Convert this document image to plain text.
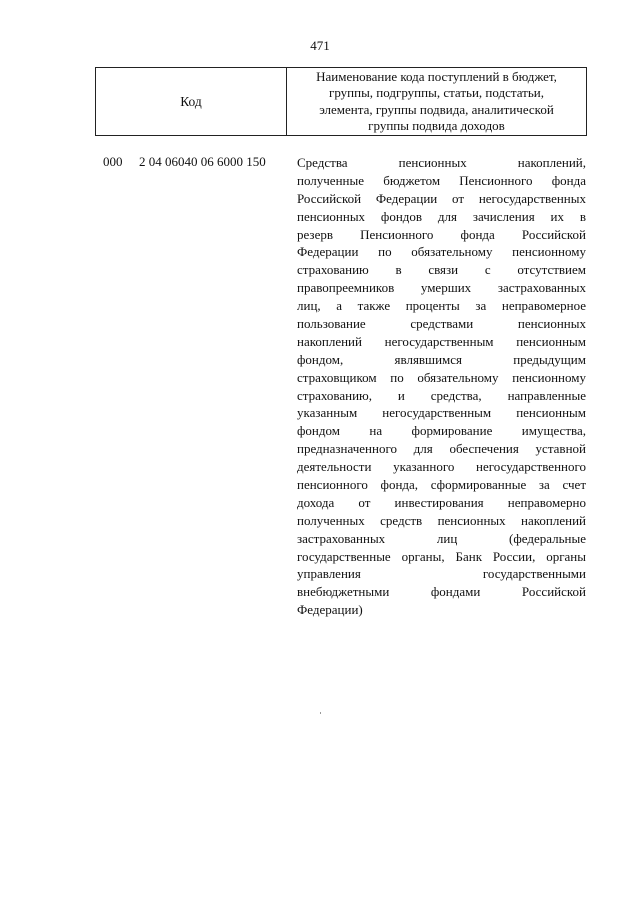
471
Код
Наименование кода поступлений в бюджет,
группы, подгруппы, статьи, подстатьи,
элемента, группы подвида, аналитической
группы подвида доходов
000 2 04 06040 06 6000 150 Средства пенсионных накоплений,
полученные бюджетом Пенсионного фонда
Российской Федерации от негосударственных
пенсионных фондов для зачисления их в
резерв Пенсионного фонда Российской
Федерации по обязательному пенсионному
страхованию в связи с отсутствием
правопреемников умерших застрахованных
лиц, а также проценты за неправомерное
пользование средствами пенсионных
накоплений негосударственным пенсионным
фондом, являвшимся предыдущим
страховщиком по обязательному пенсионному
страхованию, и средства, направленные
указанным негосударственным пенсионным
фондом на формирование имущества,
предназначенного для обеспечения уставной
деятельности указанного негосударственного
пенсионного фонда, сформированные за счет
дохода от инвестирования неправомерно
полученных средств пенсионных накоплений
застрахованных лиц (федеральные
государственные органы, Банк России, органы
управления государственными
внебюджетными фондами Российской
Федерации)
